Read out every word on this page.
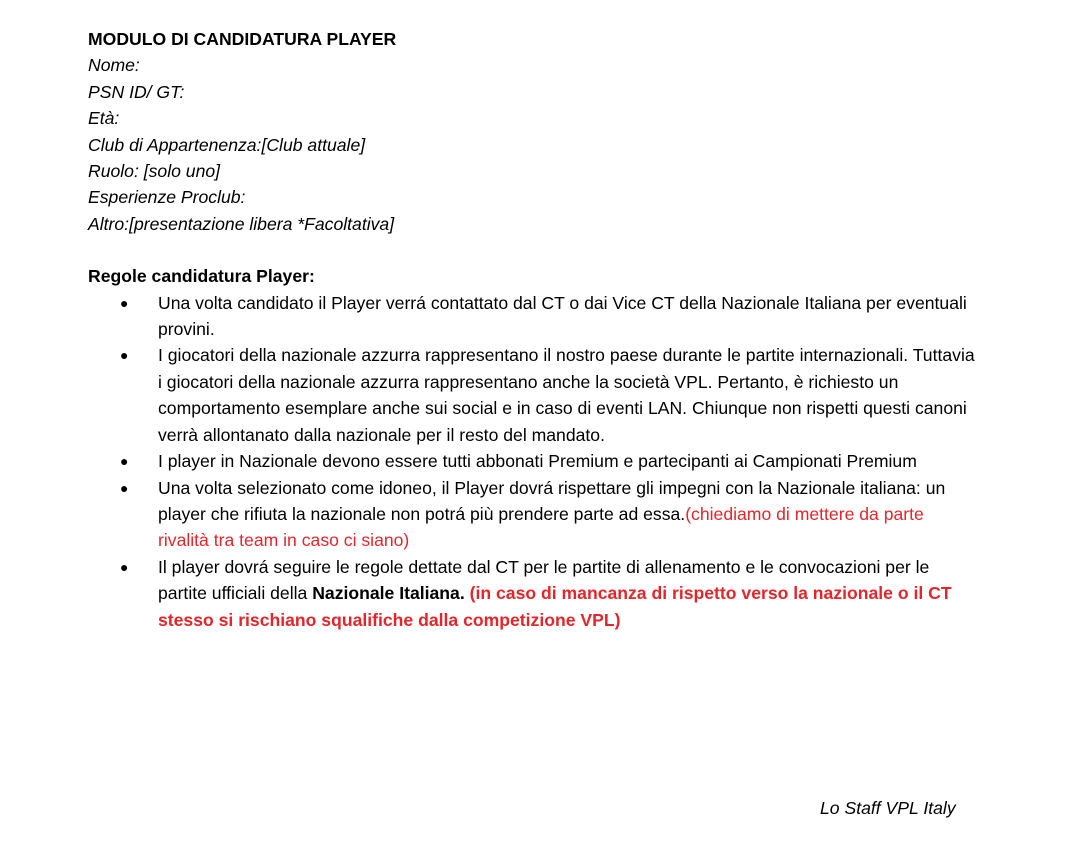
MODULO DI CANDIDATURA PLAYER

Nome:

PSN ID/ GT:

Età:

Club di Appartenenza:[Club attuale]

Ruolo: [solo uno]

Esperienze Proclub:

Altro:[presentazione libera *Facoltativa]

Regole candidatura Player:

● Una volta candidato il Player verrá contattato dal CT o dai Vice CT della Nazionale Italiana per eventuali provini.
● I giocatori della nazionale azzurra rappresentano il nostro paese durante le partite internazionali. Tuttavia i giocatori della nazionale azzurra rappresentano anche la società VPL. Pertanto, è richiesto un comportamento esemplare anche sui social e in caso di eventi LAN. Chiunque non rispetti questi canoni verrà allontanato dalla nazionale per il resto del mandato.
● I player in Nazionale devono essere tutti abbonati Premium e partecipanti ai Campionati Premium
● Una volta selezionato come idoneo, il Player dovrá rispettare gli impegni con la Nazionale italiana: un player che rifiuta la nazionale non potrá più prendere parte ad essa.(chiediamo di mettere da parte rivalità tra team in caso ci siano)
● Il player dovrá seguire le regole dettate dal CT per le partite di allenamento e le convocazioni per le partite ufficiali della Nazionale Italiana. (in caso di mancanza di rispetto verso la nazionale o il CT stesso si rischiano squalifiche dalla competizione VPL)

Lo Staff VPL Italy
